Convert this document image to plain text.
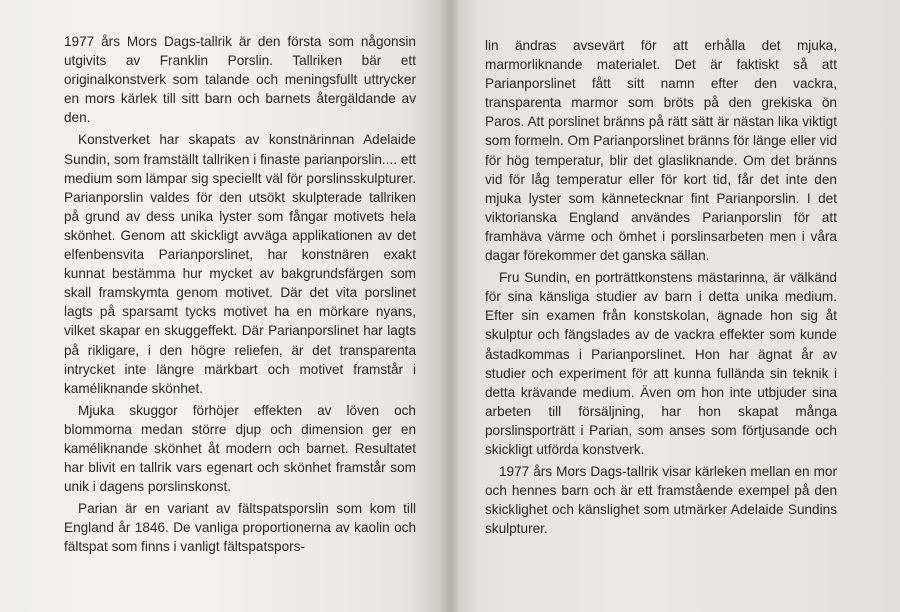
1977 års Mors Dags-tallrik är den första som någonsin utgivits av Franklin Porslin. Tallriken bär ett originalkonstverk som talande och meningsfullt uttrycker en mors kärlek till sitt barn och barnets återgäldande av den.

Konstverket har skapats av konstnärinnan Adelaide Sundin, som framställt tallriken i finaste parianporslin.... ett medium som lämpar sig speciellt väl för porslinsskulpturer. Parianporslin valdes för den utsökt skulpterade tallriken på grund av dess unika lyster som fångar motivets hela skönhet. Genom att skickligt avväga applikationen av det elfenbensvita Parianporslinet, har konstnären exakt kunnat bestämma hur mycket av bakgrundsfärgen som skall framskymta genom motivet. Där det vita porslinet lagts på sparsamt tycks motivet ha en mörkare nyans, vilket skapar en skuggeffekt. Där Parianporslinet har lagts på rikligare, i den högre reliefen, är det transparenta intrycket inte längre märkbart och motivet framstår i kaméliknande skönhet.

Mjuka skuggor förhöjer effekten av löven och blommorna medan större djup och dimension ger en kaméliknande skönhet åt modern och barnet. Resultatet har blivit en tallrik vars egenart och skönhet framstår som unik i dagens porslinskonst.

Parian är en variant av fältspatsporslin som kom till England år 1846. De vanliga proportionerna av kaolin och fältspat som finns i vanligt fältspatspors-

lin ändras avsevärt för att erhålla det mjuka, marmorliknande materialet. Det är faktiskt så att Parianporslinet fått sitt namn efter den vackra, transparenta marmor som bröts på den grekiska ön Paros. Att porslinet bränns på rätt sätt är nästan lika viktigt som formeln. Om Parianporslinet bränns för länge eller vid för hög temperatur, blir det glasliknande. Om det bränns vid för låg temperatur eller för kort tid, får det inte den mjuka lyster som kännetecknar fint Parianporslin. I det viktorianska England användes Parianporslin för att framhäva värme och ömhet i porslinsarbeten men i våra dagar förekommer det ganska sällan.

Fru Sundin, en porträttkonstens mästarinna, är välkänd för sina känsliga studier av barn i detta unika medium. Efter sin examen från konstskolan, ägnade hon sig åt skulptur och fängslades av de vackra effekter som kunde åstadkommas i Parianporslinet. Hon har ägnat år av studier och experiment för att kunna fulländа sin teknik i detta krävande medium. Även om hon inte utbjuder sina arbeten till försäljning, har hon skapat många porslinsporträtt i Parian, som anses som förtjusande och skickligt utförda konstverk.

1977 års Mors Dags-tallrik visar kärleken mellan en mor och hennes barn och är ett framstående exempel på den skicklighet och känslighet som utmärker Adelaide Sundins skulpturer.
